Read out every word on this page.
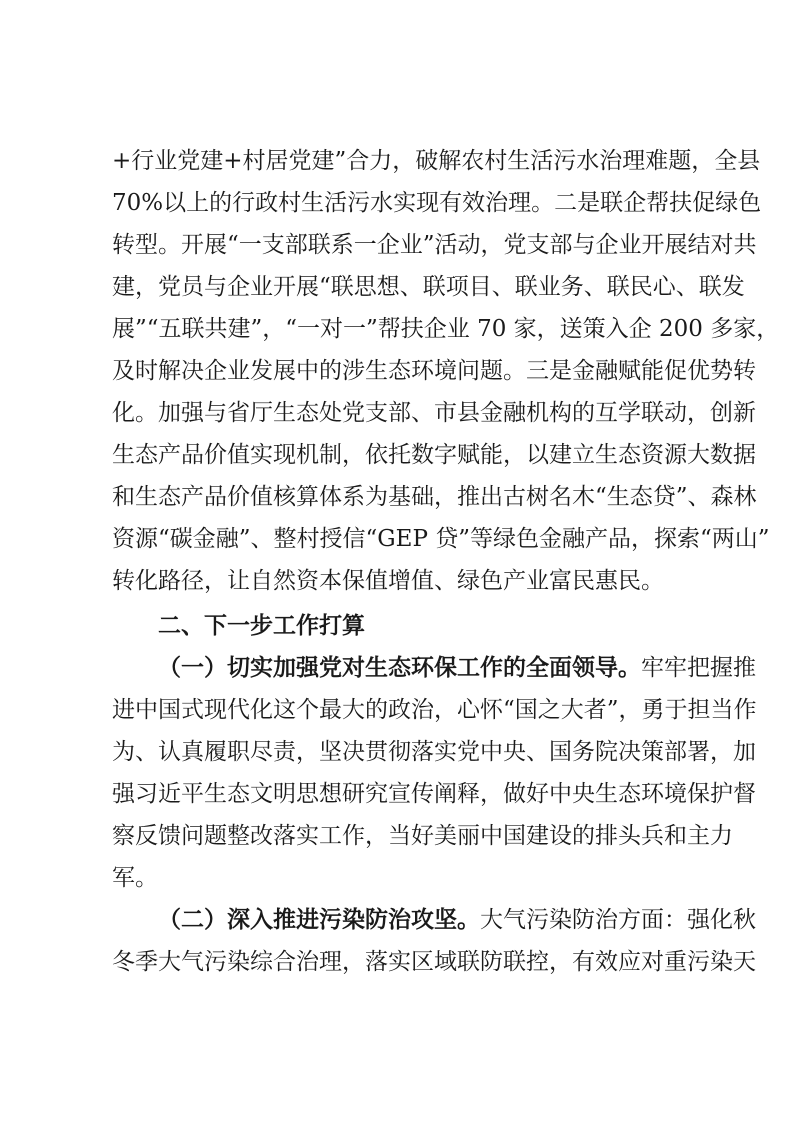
+行业党建+村居党建”合力，破解农村生活污水治理难题，全县
70%以上的行政村生活污水实现有效治理。二是联企帮扶促绿色
转型。开展“一支部联系一企业”活动，党支部与企业开展结对共
建，党员与企业开展“联思想、联项目、联业务、联民心、联发
展”“五联共建”，“一对一”帮扶企业 70 家，送策入企 200 多家，
及时解决企业发展中的涉生态环境问题。三是金融赋能促优势转
化。加强与省厅生态处党支部、市县金融机构的互学联动，创新
生态产品价值实现机制，依托数字赋能，以建立生态资源大数据
和生态产品价值核算体系为基础，推出古树名木“生态贷”、森林
资源“碳金融”、整村授信“GEP 贷”等绿色金融产品，探索“两山”
转化路径，让自然资本保值增值、绿色产业富民惠民。
二、下一步工作打算
（一）切实加强党对生态环保工作的全面领导。牢牢把握推
进中国式现代化这个最大的政治，心怀“国之大者”，勇于担当作
为、认真履职尽责，坚决贯彻落实党中央、国务院决策部署，加
强习近平生态文明思想研究宣传阐释，做好中央生态环境保护督
察反馈问题整改落实工作，当好美丽中国建设的排头兵和主力
军。
（二）深入推进污染防治攻坚。大气污染防治方面：强化秋
冬季大气污染综合治理，落实区域联防联控，有效应对重污染天
